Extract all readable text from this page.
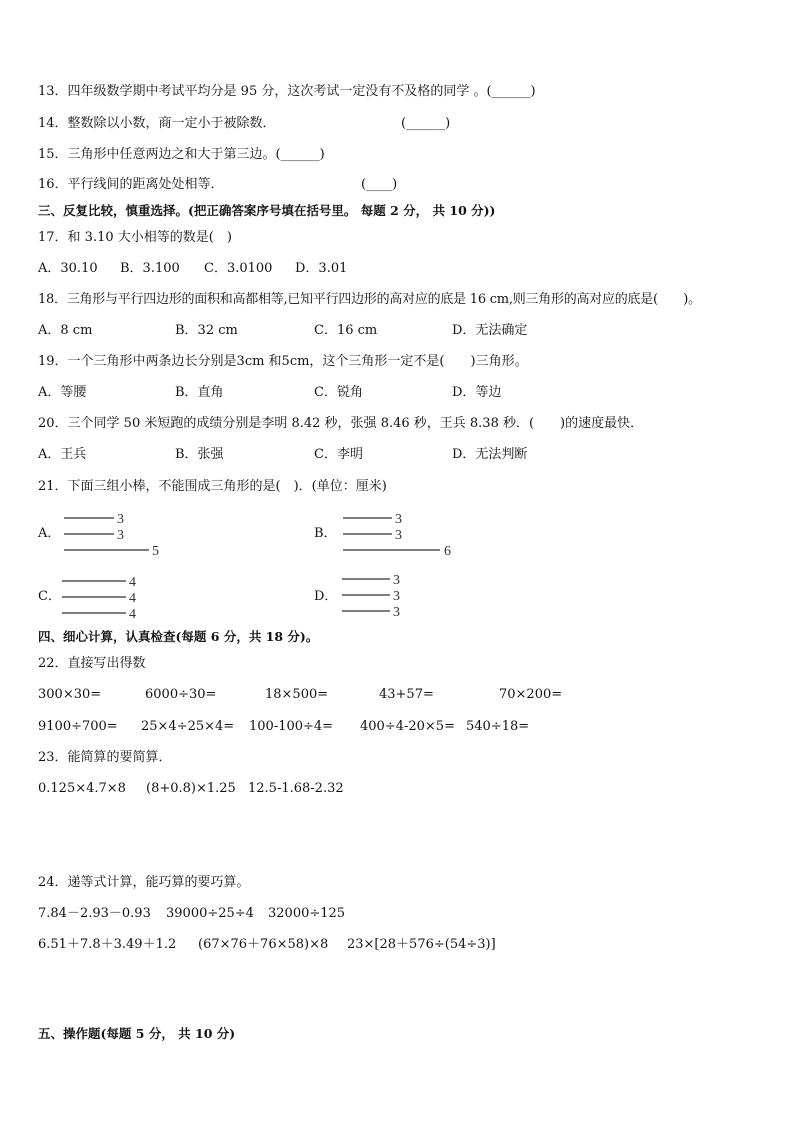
13．四年级数学期中考试平均分是 95 分，这次考试一定没有不及格的同学 。(______)
14．整数除以小数，商一定小于被除数．	(______)
15．三角形中任意两边之和大于第三边。(______)
16．平行线间的距离处处相等．	(____)
三、反复比较，慎重选择。(把正确答案序号填在括号里。 每题 2 分， 共 10 分))
17．和 3.10 大小相等的数是(　)
A．30.10 B．3.100 C．3.0100 D．3.01
18．三角形与平行四边形的面积和高都相等,已知平行四边形的高对应的底是 16 cm,则三角形的高对应的底是(　　)。
A．8 cm	B．32 cm	C．16 cm	D．无法确定
19．一个三角形中两条边长分别是3cm 和5cm，这个三角形一定不是(　　)三角形。
A．等腰	B．直角	C．锐角	D．等边
20．三个同学 50 米短跑的成绩分别是李明 8.42 秒，张强 8.46 秒，王兵 8.38 秒．(　　)的速度最快．
A．王兵	B．张强	C．李明	D．无法判断
21．下面三组小棒，不能围成三角形的是(　)．(单位：厘米)
A．	B．
C．	D．
3
3
5
3
3
6
4
4
4
3
3
3
四、细心计算，认真检查(每题 6 分，共 18 分)。
22．直接写出得数
300×30=	6000÷30=	18×500=	43+57=	70×200=
9100÷700= 25×4÷25×4= 100-100÷4= 400÷4-20×5= 540÷18=
23．能简算的要简算．
0.125×4.7×8 (8+0.8)×1.25 12.5-1.68-2.32
24．递等式计算，能巧算的要巧算。
7.84－2.93－0.93 39000÷25÷4 32000÷125
6.51＋7.8＋3.49＋1.2 (67×76＋76×58)×8 23×[28＋576÷(54÷3)]
五、操作题(每题 5 分， 共 10 分)
